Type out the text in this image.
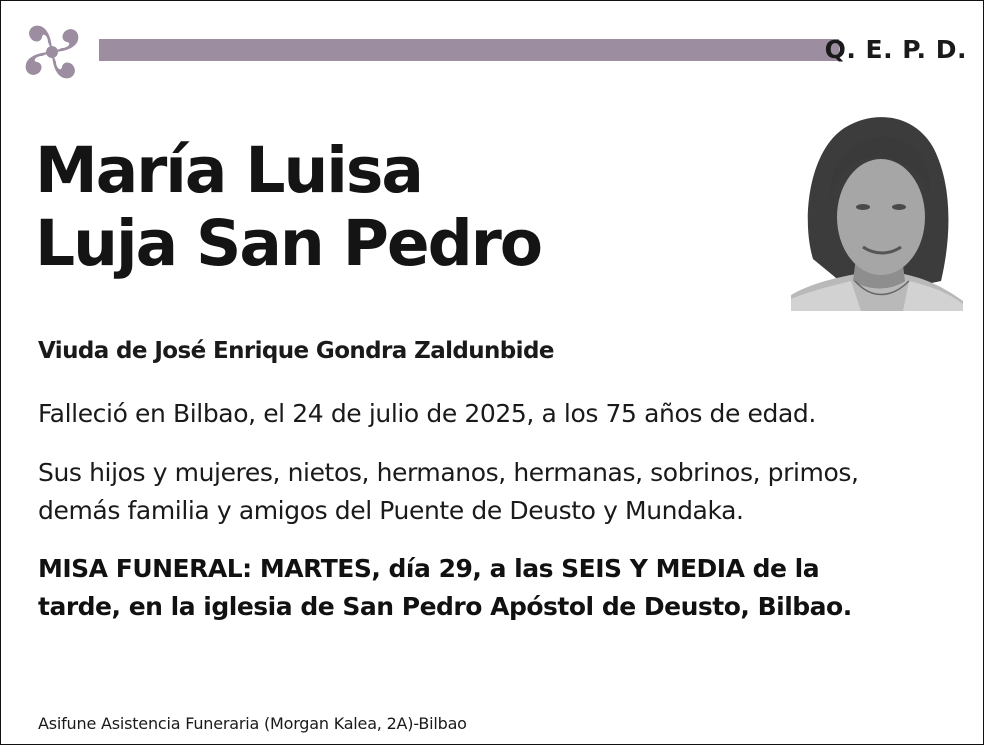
Q. E. P. D.
María Luisa
Luja San Pedro
Viuda de José Enrique Gondra Zaldunbide
Falleció en Bilbao, el 24 de julio de 2025, a los 75 años de edad.
Sus hijos y mujeres, nietos, hermanos, hermanas, sobrinos, primos,
demás familia y amigos del Puente de Deusto y Mundaka.
MISA FUNERAL: MARTES, día 29, a las SEIS Y MEDIA de la
tarde, en la iglesia de San Pedro Apóstol de Deusto, Bilbao.
Asifune Asistencia Funeraria (Morgan Kalea, 2A)-Bilbao
